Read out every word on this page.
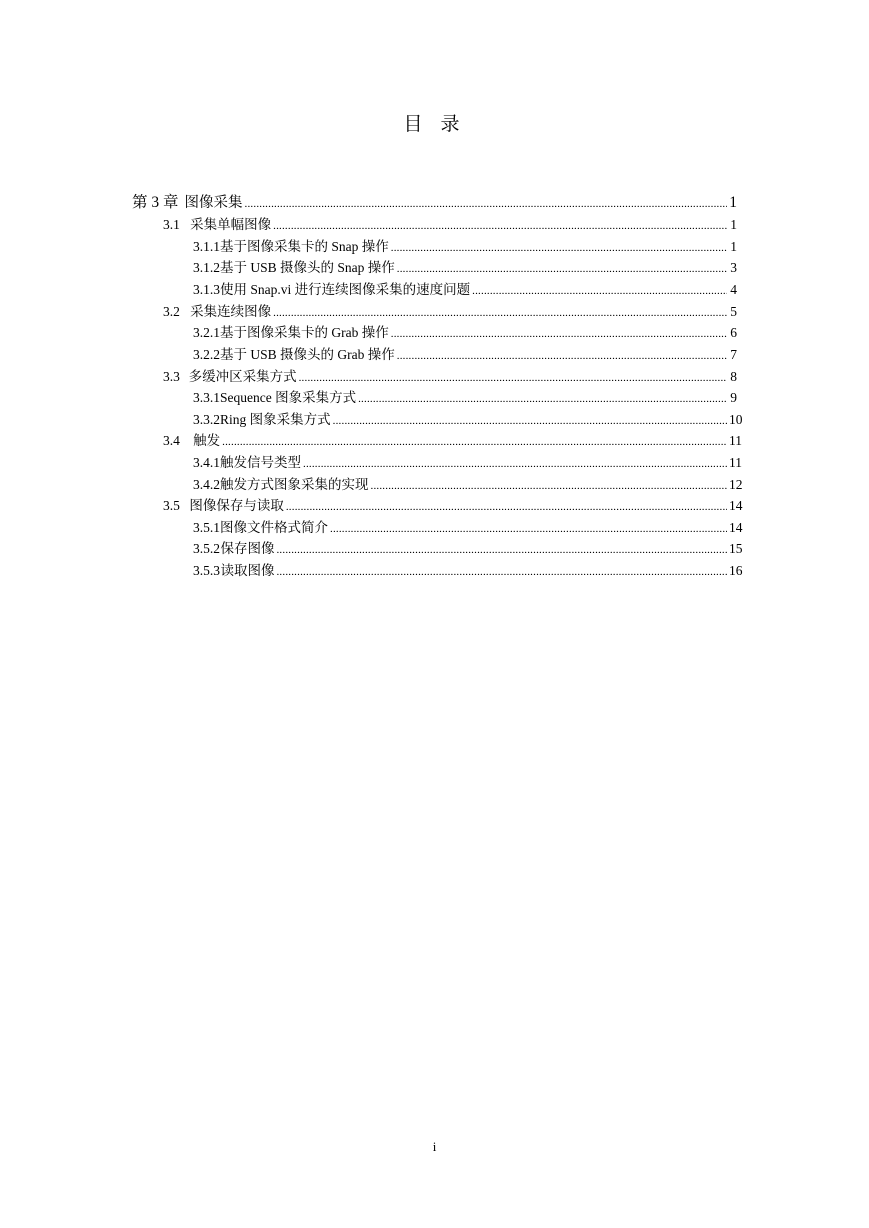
目 录
第 3 章 图像采集 .....	1
3.1 采集单幅图像 .....	1
3.1.1 基于图像采集卡的 Snap 操作 .....	1
3.1.2 基于 USB 摄像头的 Snap 操作 .....	3
3.1.3 使用 Snap.vi 进行连续图像采集的速度问题 .....	4
3.2 采集连续图像 .....	5
3.2.1 基于图像采集卡的 Grab 操作 .....	6
3.2.2 基于 USB 摄像头的 Grab 操作 .....	7
3.3 多缓冲区采集方式 .....	8
3.3.1 Sequence 图象采集方式 .....	9
3.3.2 Ring 图象采集方式 .....	10
3.4 触发 .....	11
3.4.1 触发信号类型 .....	11
3.4.2 触发方式图象采集的实现 .....	12
3.5 图像保存与读取 .....	14
3.5.1 图像文件格式简介 .....	14
3.5.2 保存图像 .....	15
3.5.3 读取图像 .....	16
i
